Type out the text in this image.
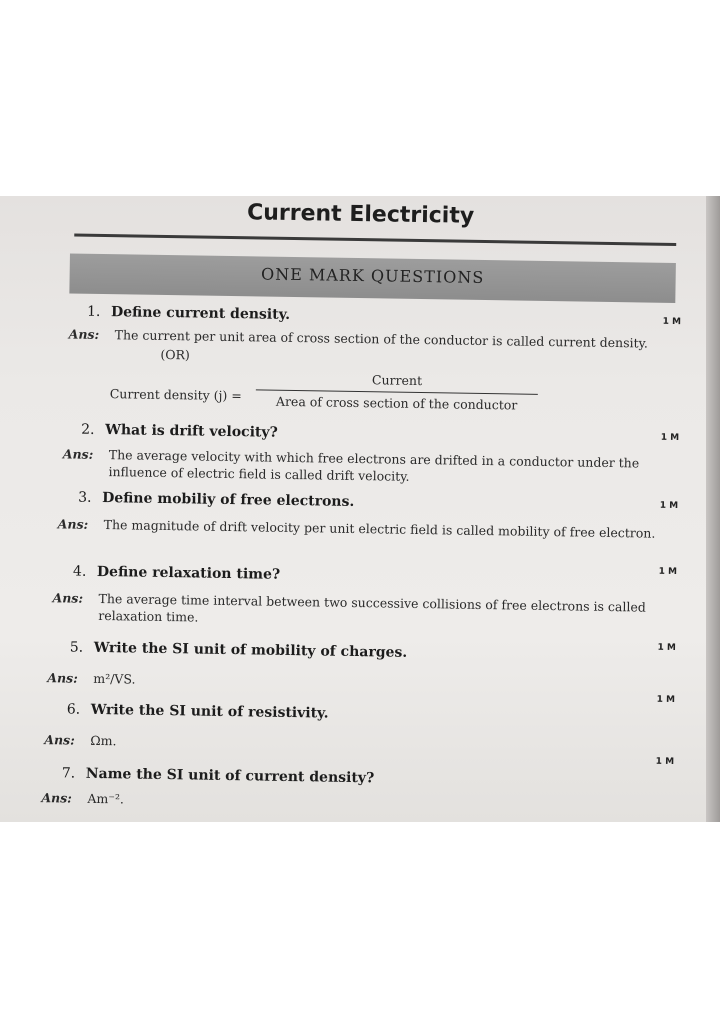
Current Electricity
ONE MARK QUESTIONS
1. Define current density.	1 M
Ans: The current per unit area of cross section of the conductor is called current density.
(OR)
Current density (j) =
Current
Area of cross section of the conductor
2. What is drift velocity?	1 M
Ans: The average velocity with which free electrons are drifted in a conductor under the influence of electric field is called drift velocity.
3. Define mobiliy of free electrons.	1 M
Ans: The magnitude of drift velocity per unit electric field is called mobility of free electron.
4. Define relaxation time?	1 M
Ans: The average time interval between two successive collisions of free electrons is called relaxation time.
5. Write the SI unit of mobility of charges.	1 M
Ans: m²/VS.
6. Write the SI unit of resistivity.
1 M
Ans: Ωm.
7. Name the SI unit of current density?
1 M
Ans: Am⁻².
